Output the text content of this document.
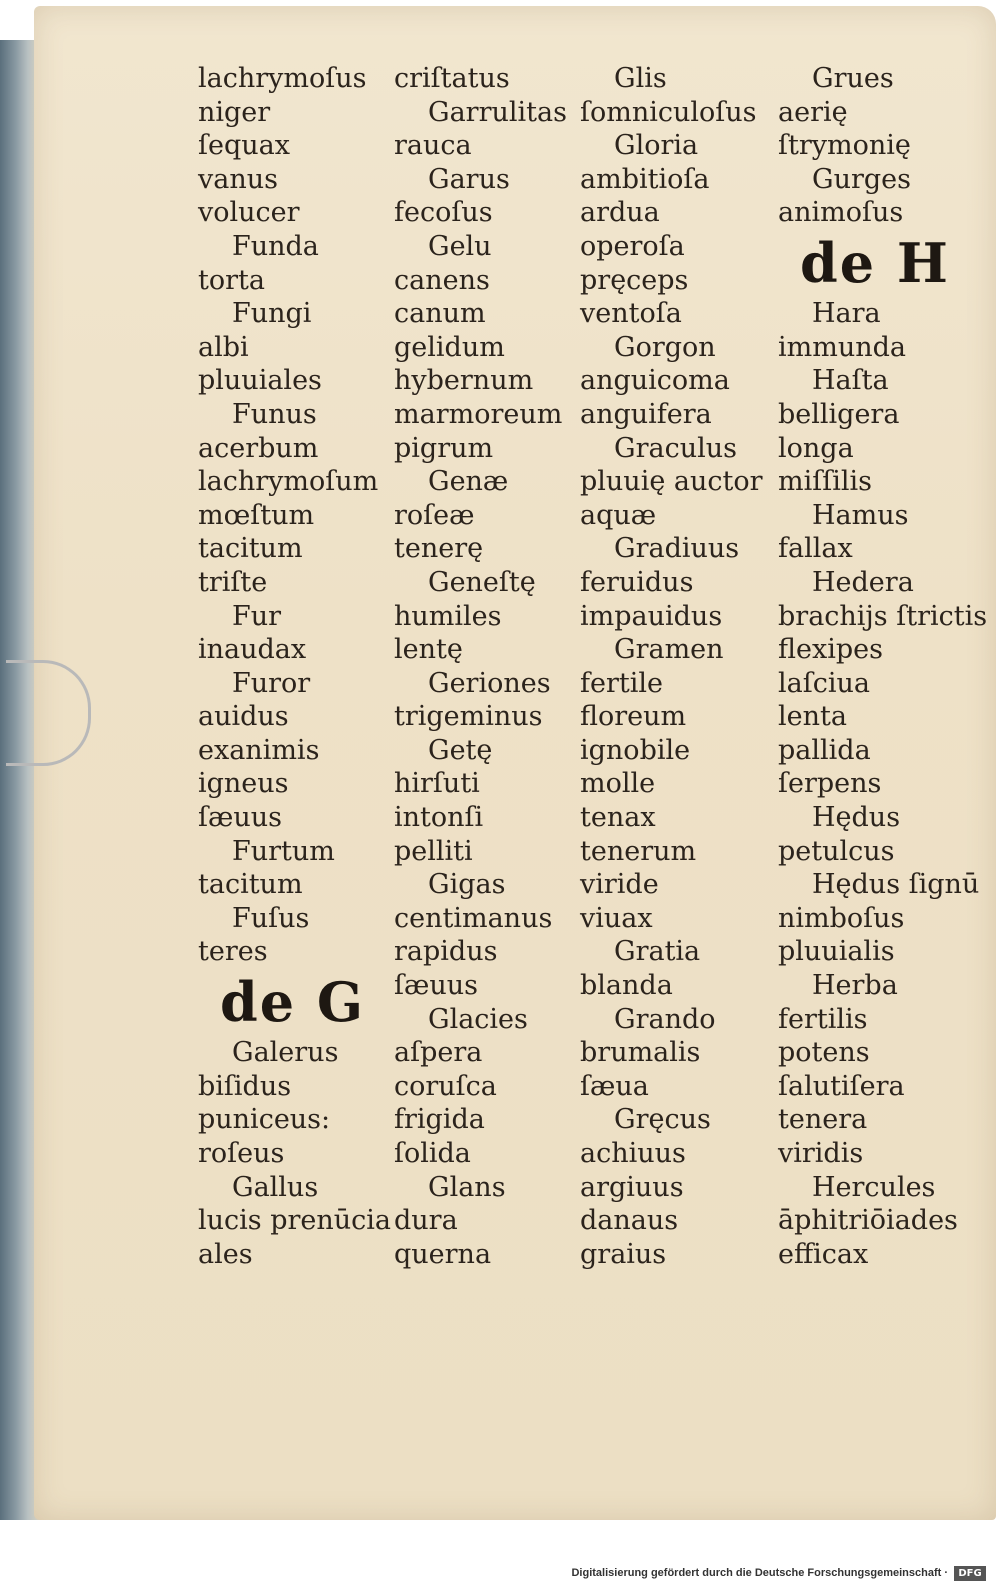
lachrymoſus
niger
ſequax
vanus
volucer
Funda
torta
Fungi
albi
pluuiales
Funus
acerbum
lachrymoſum
mœſtum
tacitum
triſte
Fur
inaudax
Furor
auidus
exanimis
igneus
ſæuus
Furtum
tacitum
Fuſus
teres
de G
Galerus
biſidus
puniceus:
roſeus
Gallus
lucis prenūcia
ales
criſtatus
Garrulitas
rauca
Garus
fecoſus
Gelu
canens
canum
gelidum
hybernum
marmoreum
pigrum
Genæ
roſeæ
tenerę
Geneſtę
humiles
lentę
Geriones
trigeminus
Getę
hirſuti
intonſi
pelliti
Gigas
centimanus
rapidus
ſæuus
Glacies
aſpera
coruſca
frigida
ſolida
Glans
dura
querna
Glis
ſomniculoſus
Gloria
ambitioſa
ardua
operoſa
pręceps
ventoſa
Gorgon
anguicoma
anguifera
Graculus
pluuię auctor
aquæ
Gradiuus
feruidus
impauidus
Gramen
fertile
floreum
ignobile
molle
tenax
tenerum
viride
viuax
Gratia
blanda
Grando
brumalis
ſæua
Gręcus
achiuus
argiuus
danaus
graius
Grues
aerię
ſtrymonię
Gurges
animoſus
de H
Hara
immunda
Haſta
belligera
longa
miſſilis
Hamus
fallax
Hedera
brachijs ſtrictis
flexipes
laſciua
lenta
pallida
ſerpens
Hędus
petulcus
Hędus ſignū
nimboſus
pluuialis
Herba
fertilis
potens
ſalutiſera
tenera
viridis
Hercules
āphitriōiades
efficax
Digitalisierung gefördert durch die Deutsche Forschungsgemeinschaft ·	DFG
